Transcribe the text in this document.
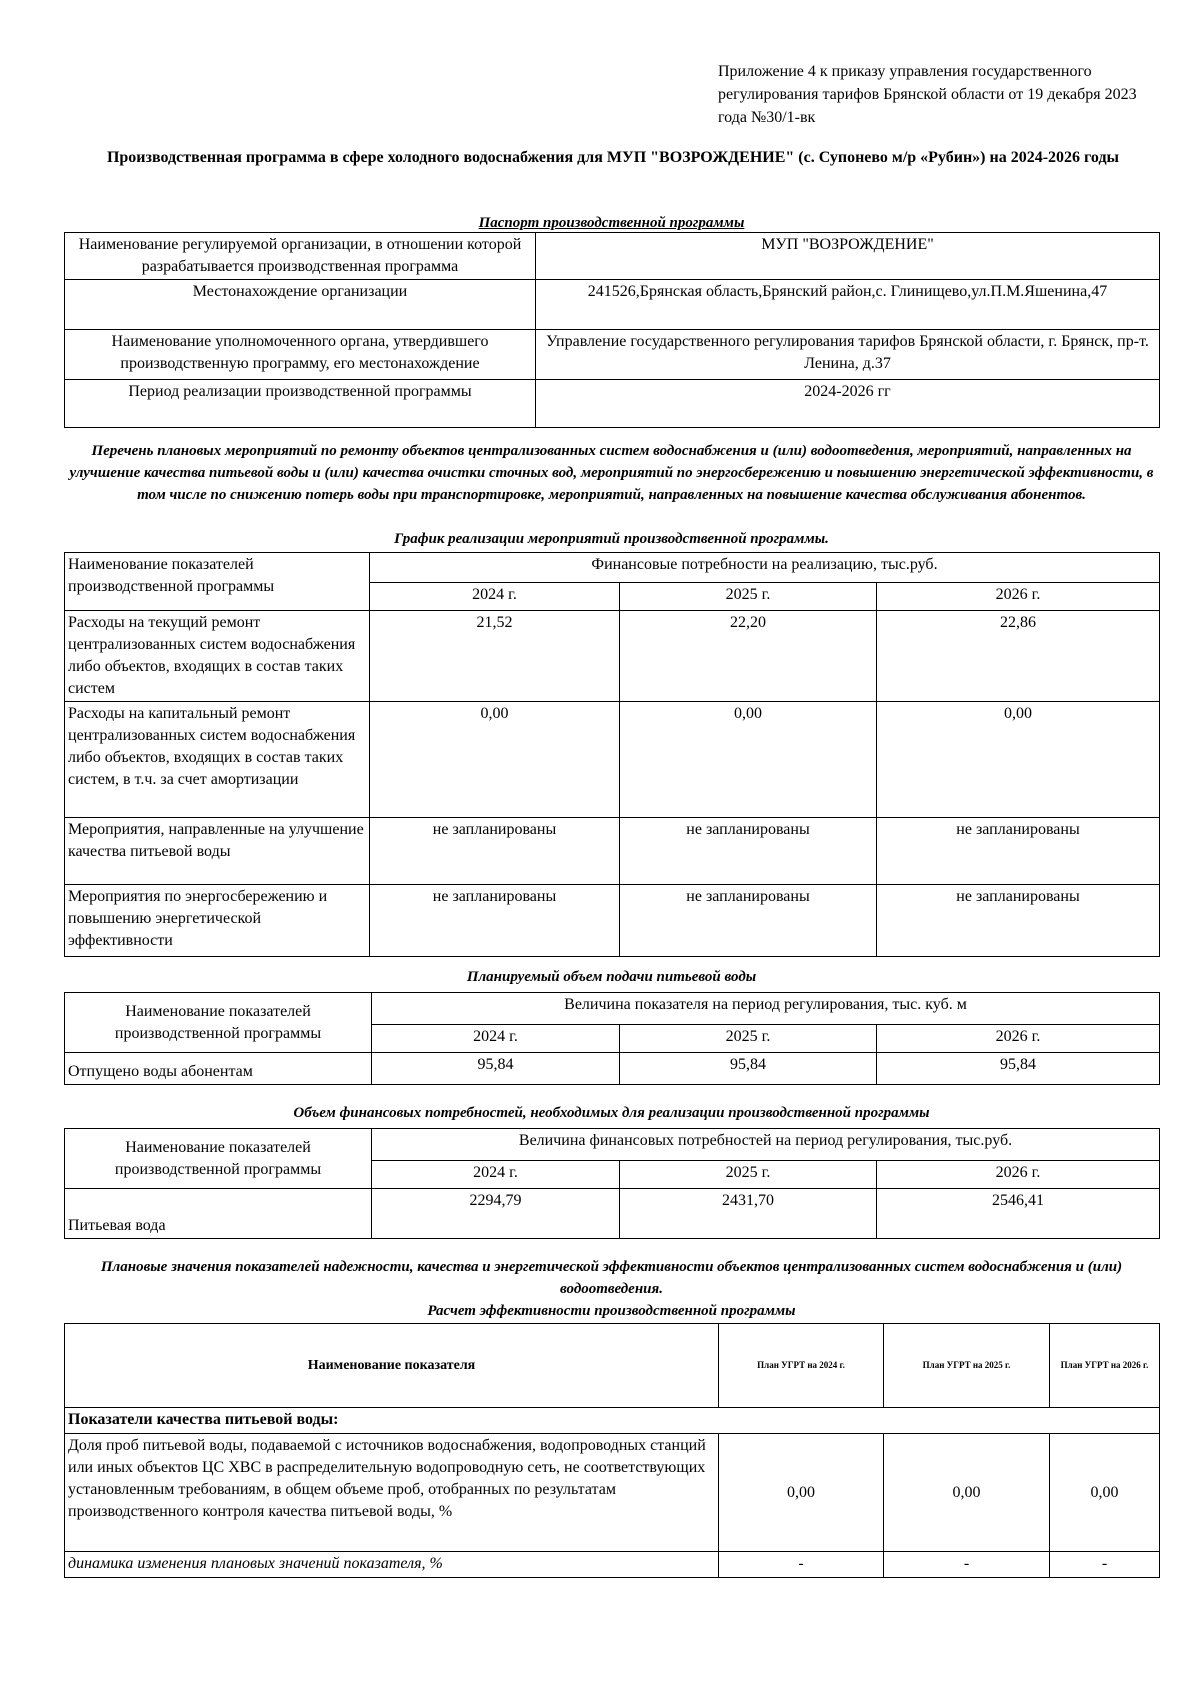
Приложение 4 к приказу управления государственного регулирования тарифов Брянской области от 19 декабря 2023 года №30/1-вк
Производственная программа в сфере холодного водоснабжения для МУП "ВОЗРОЖДЕНИЕ" (с. Супонево м/р «Рубин») на 2024-2026 годы
Паспорт производственной программы
Наименование регулируемой организации, в отношении которой разрабатывается производственная программа	МУП "ВОЗРОЖДЕНИЕ"
Местонахождение организации	241526,Брянская область,Брянский район,с. Глинищево,ул.П.М.Яшенина,47
Наименование уполномоченного органа, утвердившего производственную программу, его местонахождение	Управление государственного регулирования тарифов Брянской области, г. Брянск, пр-т. Ленина, д.37
Период реализации производственной программы	2024-2026 гг
Перечень плановых мероприятий по ремонту объектов централизованных систем водоснабжения и (или) водоотведения, мероприятий, направленных на улучшение качества питьевой воды и (или) качества очистки сточных вод, мероприятий по энергосбережению и повышению энергетической эффективности, в том числе по снижению потерь воды при транспортировке, мероприятий, направленных на повышение качества обслуживания абонентов.
График реализации мероприятий производственной программы.
Наименование показателей производственной программы	Финансовые потребности на реализацию, тыс.руб.		
	2024 г.	2025 г.	2026 г.
Расходы на текущий ремонт централизованных систем водоснабжения либо объектов, входящих в состав таких систем	21,52	22,20	22,86
Расходы на капитальный ремонт централизованных систем водоснабжения либо объектов, входящих в состав таких систем, в т.ч. за счет амортизации	0,00	0,00	0,00
Мероприятия, направленные на улучшение качества питьевой воды	не запланированы	не запланированы	не запланированы
Мероприятия по энергосбережению и повышению энергетической эффективности	не запланированы	не запланированы	не запланированы
Планируемый объем подачи питьевой воды
Наименование показателей производственной программы	Величина показателя на период регулирования, тыс. куб. м		
	2024 г.	2025 г.	2026 г.
Отпущено воды абонентам	95,84	95,84	95,84
Объем финансовых потребностей, необходимых для реализации производственной программы
Наименование показателей производственной программы	Величина финансовых потребностей на период регулирования, тыс.руб.		
	2024 г.	2025 г.	2026 г.
Питьевая вода	2294,79	2431,70	2546,41
Плановые значения показателей надежности, качества и энергетической эффективности объектов централизованных систем водоснабжения и (или) водоотведения.
Расчет эффективности производственной программы
Наименование показателя	План УГРТ на 2024 г.	План УГРТ на 2025 г.	План УГРТ на 2026 г.
Показатели качества питьевой воды:			
Доля проб питьевой воды, подаваемой с источников водоснабжения, водопроводных станций или иных объектов ЦС ХВС в распределительную водопроводную сеть, не соответствующих установленным требованиям, в общем объеме проб, отобранных по результатам производственного контроля качества питьевой воды, %	0,00	0,00	0,00
динамика изменения плановых значений показателя, %	-	-	-
